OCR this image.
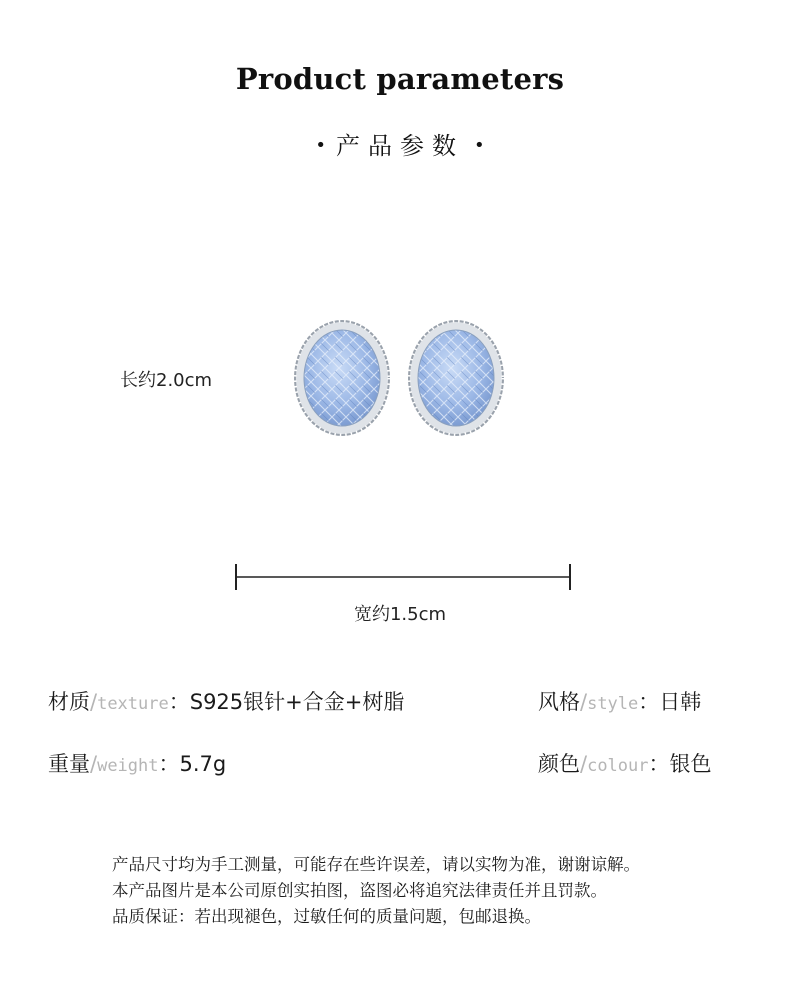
Product parameters
• 产品参数 •
长约2.0cm
宽约1.5cm
材质/texture：S925银针+合金+树脂	风格/style：日韩
重量/weight：5.7g	颜色/colour：银色
产品尺寸均为手工测量，可能存在些许误差，请以实物为准，谢谢谅解。
本产品图片是本公司原创实拍图，盗图必将追究法律责任并且罚款。
品质保证：若出现褪色，过敏任何的质量问题，包邮退换。
